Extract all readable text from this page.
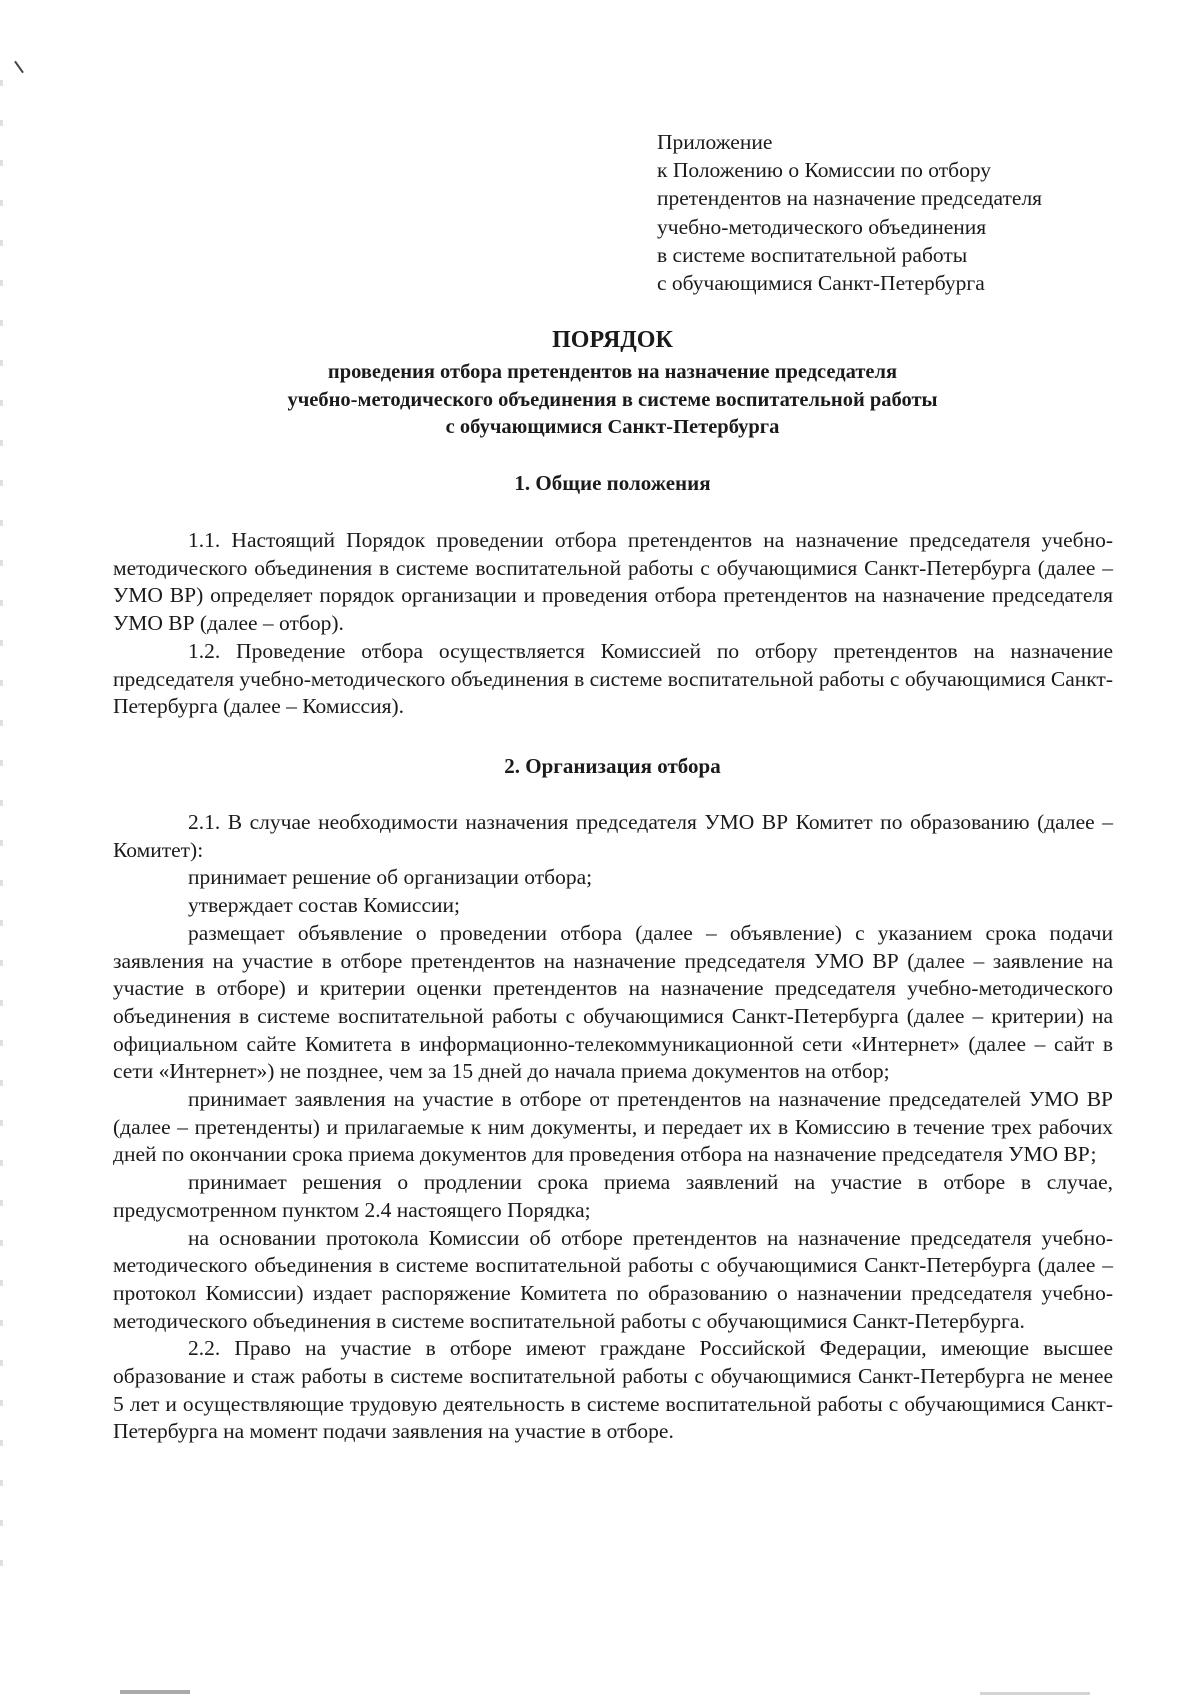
Приложение
к Положению о Комиссии по отбору
претендентов на назначение председателя
учебно-методического объединения
в системе воспитательной работы
с обучающимися Санкт-Петербурга
ПОРЯДОК
проведения отбора претендентов на назначение председателя
учебно-методического объединения в системе воспитательной работы
с обучающимися Санкт-Петербурга
1. Общие положения

1.1. Настоящий Порядок проведении отбора претендентов на назначение председателя учебно-методического объединения в системе воспитательной работы с обучающимися Санкт-Петербурга (далее – УМО ВР) определяет порядок организации и проведения отбора претендентов на назначение председателя УМО ВР (далее – отбор).

1.2. Проведение отбора осуществляется Комиссией по отбору претендентов на назначение председателя учебно-методического объединения в системе воспитательной работы с обучающимися Санкт-Петербурга (далее – Комиссия).

2. Организация отбора

2.1. В случае необходимости назначения председателя УМО ВР Комитет по образованию (далее – Комитет):

принимает решение об организации отбора;

утверждает состав Комиссии;

размещает объявление о проведении отбора (далее – объявление) с указанием срока подачи заявления на участие в отборе претендентов на назначение председателя УМО ВР (далее – заявление на участие в отборе) и критерии оценки претендентов на назначение председателя учебно-методического объединения в системе воспитательной работы с обучающимися Санкт-Петербурга (далее – критерии) на официальном сайте Комитета в информационно-телекоммуникационной сети «Интернет» (далее – сайт в сети «Интернет») не позднее, чем за 15 дней до начала приема документов на отбор;

принимает заявления на участие в отборе от претендентов на назначение председателей УМО ВР (далее – претенденты) и прилагаемые к ним документы, и передает их в Комиссию в течение трех рабочих дней по окончании срока приема документов для проведения отбора на назначение председателя УМО ВР;

принимает решения о продлении срока приема заявлений на участие в отборе в случае, предусмотренном пунктом 2.4 настоящего Порядка;

на основании протокола Комиссии об отборе претендентов на назначение председателя учебно-методического объединения в системе воспитательной работы с обучающимися Санкт-Петербурга (далее – протокол Комиссии) издает распоряжение Комитета по образованию о назначении председателя учебно-методического объединения в системе воспитательной работы с обучающимися Санкт-Петербурга.

2.2. Право на участие в отборе имеют граждане Российской Федерации, имеющие высшее образование и стаж работы в системе воспитательной работы с обучающимися Санкт-Петербурга не менее 5 лет и осуществляющие трудовую деятельность в системе воспитательной работы с обучающимися Санкт-Петербурга на момент подачи заявления на участие в отборе.
